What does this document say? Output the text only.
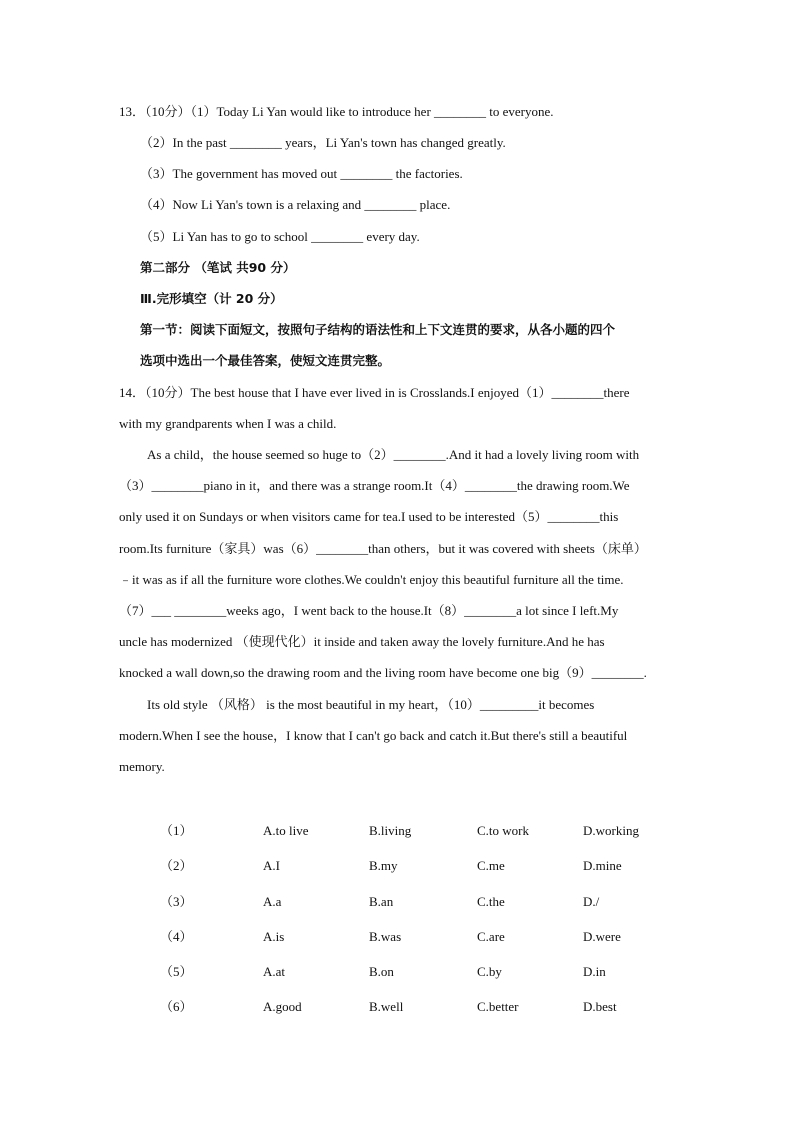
13．（10分）（1）Today Li Yan would like to introduce her ________ to everyone.
（2）In the past ________ years，Li Yan's town has changed greatly.
（3）The government has moved out ________ the factories.
（4）Now Li Yan's town is a relaxing and ________ place.
（5）Li Yan has to go to school ________ every day.
第二部分 （笔试 共90 分）
Ⅲ.完形填空（计 20 分）
第一节：阅读下面短文，按照句子结构的语法性和上下文连贯的要求，从各小题的四个
选项中选出一个最佳答案，使短文连贯完整。
14．（10分）The best house that I have ever lived in is Crosslands.I enjoyed（1）________there
with my grandparents when I was a child.
As a child，the house seemed so huge to（2）________.And it had a lovely living room with
（3）________piano in it，and there was a strange room.It（4）________the drawing room.We
only used it on Sundays or when visitors came for tea.I used to be interested（5）________this
room.Its furniture（家具）was（6）________than others，but it was covered with sheets（床单）
﹣it was as if all the furniture wore clothes.We couldn't enjoy this beautiful furniture all the time.
（7）___ ________weeks ago，I went back to the house.It（8）________a lot since I left.My
uncle has modernized （使现代化）it inside and taken away the lovely furniture.And he has
knocked a wall down,so the drawing room and the living room have become one big（9）________.
Its old style （风格） is the most beautiful in my heart，（10）_________it becomes
modern.When I see the house，I know that I can't go back and catch it.But there's still a beautiful
memory.
（1）	A.to live	B.living	C.to work	D.working
（2）	A.I	B.my	C.me	D.mine
（3）	A.a	B.an	C.the	D./
（4）	A.is	B.was	C.are	D.were
（5）	A.at	B.on	C.by	D.in
（6）	A.good	B.well	C.better	D.best
